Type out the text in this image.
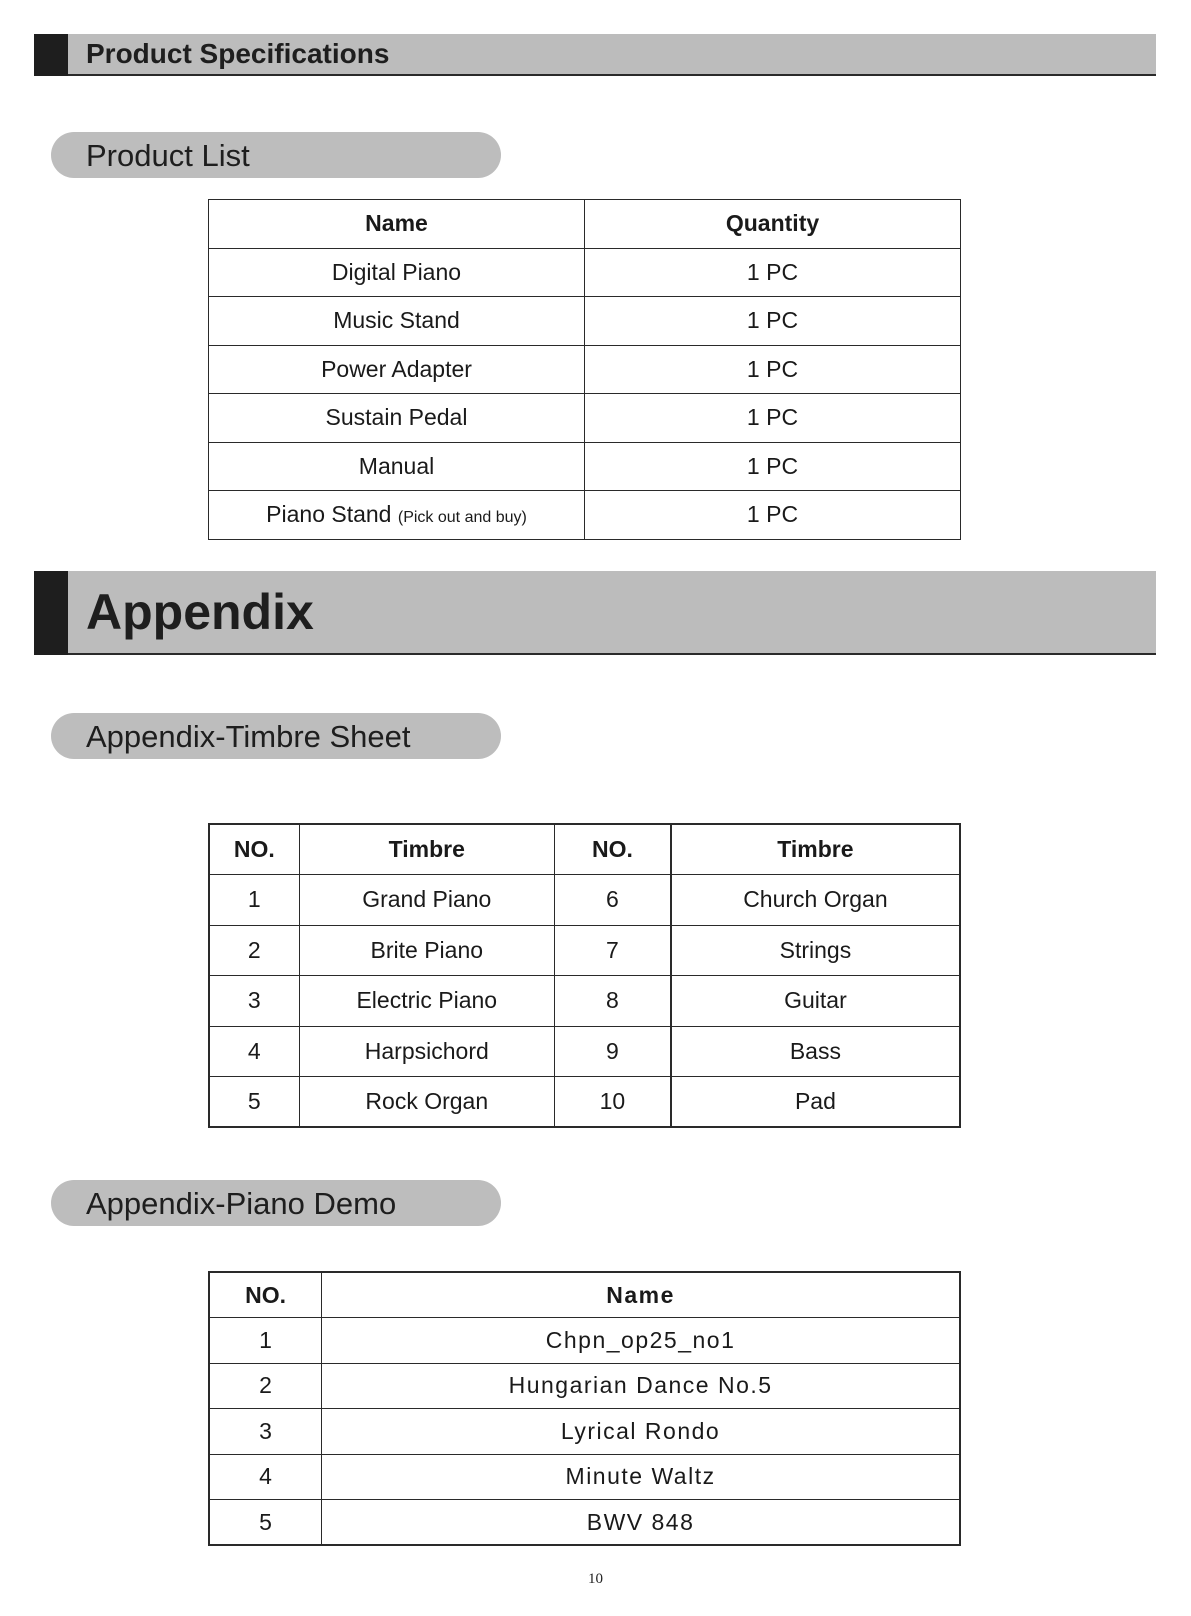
Product Specifications
Product List
Name	Quantity
Digital Piano	1 PC
Music Stand	1 PC
Power Adapter	1 PC
Sustain Pedal	1 PC
Manual	1 PC
Piano Stand (Pick out and buy)	1 PC
Appendix
Appendix-Timbre Sheet
NO.	Timbre	NO.	Timbre
1	Grand Piano	6	Church Organ
2	Brite Piano	7	Strings
3	Electric Piano	8	Guitar
4	Harpsichord	9	Bass
5	Rock Organ	10	Pad
Appendix-Piano Demo
NO.	Name
1	Chpn_op25_no1
2	Hungarian Dance No.5
3	Lyrical Rondo
4	Minute Waltz
5	BWV 848
10
